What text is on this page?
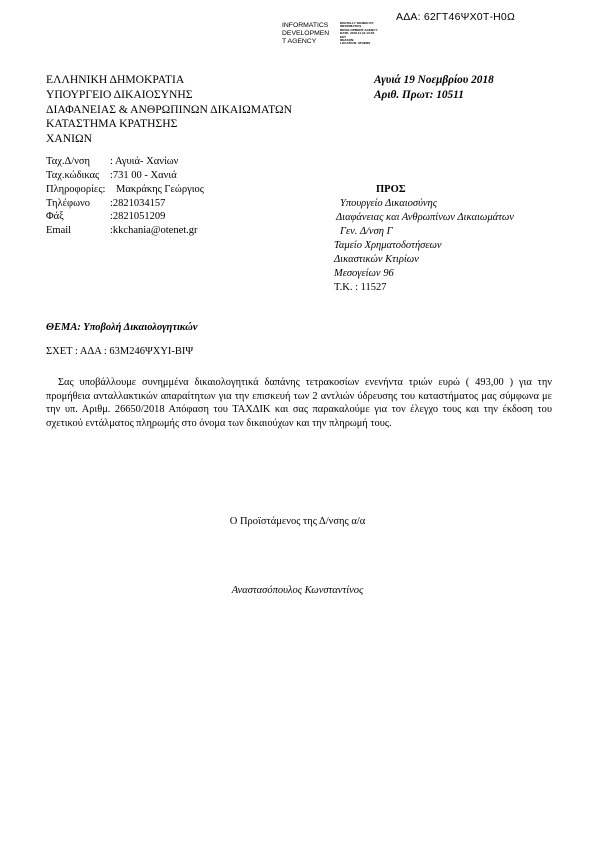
ΑΔΑ: 62ΓΤ46ΨΧ0Τ-Η0Ω
INFORMATICS
DEVELOPMEN
T AGENCY
DIGITALLY SIGNED BY
INFORMATICS
DEVELOPMENT AGENCY
DATE: 2018.11.19 13:03
EET
REASON:
LOCATION: ATHENS
ΕΛΛΗΝΙΚΗ ΔΗΜΟΚΡΑΤΙΑ
ΥΠΟΥΡΓΕΙΟ ΔΙΚΑΙΟΣΥΝΗΣ
ΔΙΑΦΑΝΕΙΑΣ & ΑΝΘΡΩΠΙΝΩΝ ΔΙΚΑΙΩΜΑΤΩΝ
ΚΑΤΑΣΤΗΜΑ ΚΡΑΤΗΣΗΣ
ΧΑΝΙΩΝ
Αγυιά 19 Νοεμβρίου 2018
Αριθ. Πρωτ: 10511
Ταχ.Δ/νση : Αγυιά- Χανίων
Ταχ.κώδικας :731 00 - Χανιά
Πληροφορίες: Μακράκης Γεώργιος
Τηλέφωνο :2821034157
Φάξ	:2821051209
Email	:kkchania@otenet.gr
ΠΡΟΣ
Υπουργείο Δικαιοσύνης
Διαφάνειας και Ανθρωπίνων Δικαιωμάτων
Γεν. Δ/νση Γ
Ταμείο Χρηματοδοτήσεων
Δικαστικών Κτιρίων
Μεσογείων 96
Τ.Κ. : 11527
ΘΕΜΑ: Υποβολή Δικαιολογητικών
ΣΧΕΤ : ΑΔΑ : 63Μ246ΨΧΥΙ-ΒΙΨ
Σας υποβάλλουμε συνημμένα δικαιολογητικά δαπάνης τετρακοσίων ενενήντα τριών ευρώ ( 493,00 ) για την προμήθεια ανταλλακτικών απαραίτητων για την επισκευή των 2 αντλιών ύδρευσης του καταστήματος μας σύμφωνα με την υπ. Αριθμ. 26650/2018 Απόφαση του ΤΑΧΔΙΚ και σας παρακαλούμε για τον έλεγχο τους και την έκδοση του σχετικού εντάλματος πληρωμής στο όνομα των δικαιούχων και την πληρωμή τους.
Ο Προϊστάμενος της Δ/νσης α/α
Αναστασόπουλος Κωνσταντίνος
